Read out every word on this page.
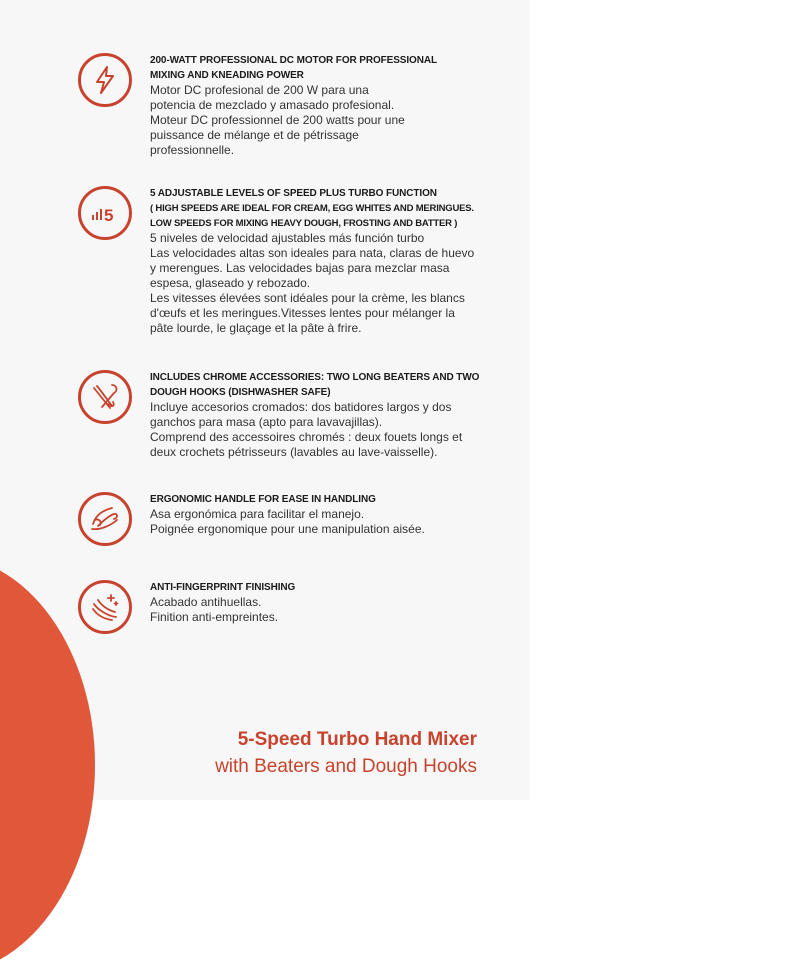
200-WATT PROFESSIONAL DC MOTOR FOR PROFESSIONAL MIXING AND KNEADING POWER
Motor DC profesional de 200 W para una
potencia de mezclado y amasado profesional.
Moteur DC professionnel de 200 watts pour une
puissance de mélange et de pétrissage
professionnelle.
5
5 ADJUSTABLE LEVELS OF SPEED PLUS TURBO FUNCTION
( HIGH SPEEDS ARE IDEAL FOR CREAM, EGG WHITES AND MERINGUES.
LOW SPEEDS FOR MIXING HEAVY DOUGH, FROSTING AND BATTER )
5 niveles de velocidad ajustables más función turbo
Las velocidades altas son ideales para nata, claras de huevo
y merengues. Las velocidades bajas para mezclar masa
espesa, glaseado y rebozado.
Les vitesses élevées sont idéales pour la crème, les blancs
d'œufs et les meringues.Vitesses lentes pour mélanger la
pâte lourde, le glaçage et la pâte à frire.
INCLUDES CHROME ACCESSORIES: TWO LONG BEATERS AND TWO DOUGH HOOKS (DISHWASHER SAFE)
Incluye accesorios cromados: dos batidores largos y dos
ganchos para masa (apto para lavavajillas).
Comprend des accessoires chromés : deux fouets longs et
deux crochets pétrisseurs (lavables au lave-vaisselle).
ERGONOMIC HANDLE FOR EASE IN HANDLING
Asa ergonómica para facilitar el manejo.
Poignée ergonomique pour une manipulation aisée.
ANTI-FINGERPRINT FINISHING
Acabado antihuellas.
Finition anti-empreintes.
5-Speed Turbo Hand Mixer
with Beaters and Dough Hooks
